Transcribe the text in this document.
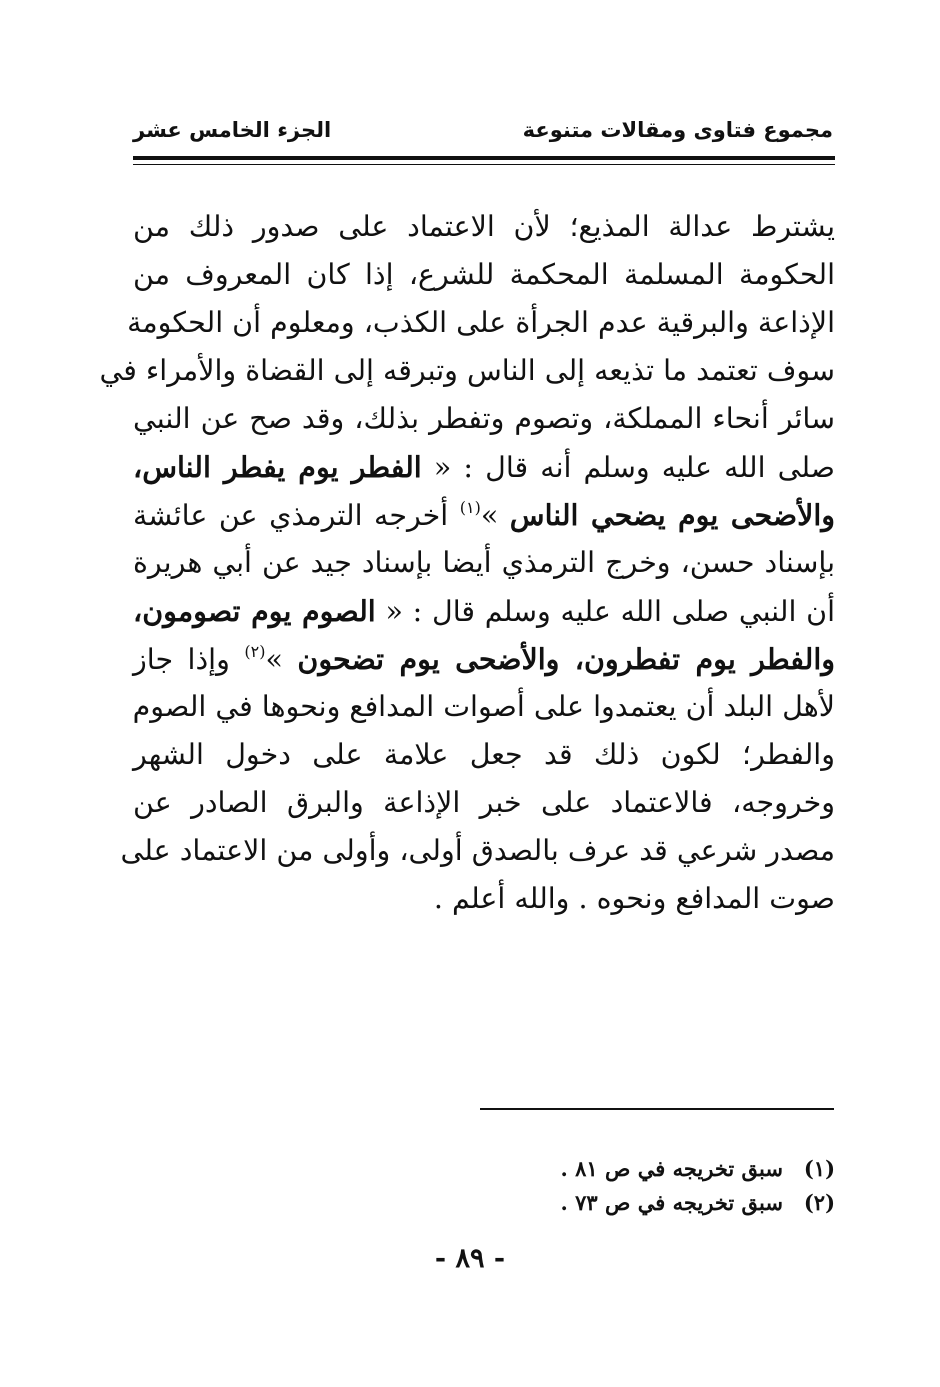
مجموع فتاوى ومقالات متنوعة
الجزء الخامس عشر
يشترط عدالة المذيع؛ لأن الاعتماد على صدور ذلك من
الحكومة المسلمة المحكمة للشرع، إذا كان المعروف من
الإذاعة والبرقية عدم الجرأة على الكذب، ومعلوم أن الحكومة
سوف تعتمد ما تذيعه إلى الناس وتبرقه إلى القضاة والأمراء في
سائر أنحاء المملكة، وتصوم وتفطر بذلك، وقد صح عن النبي
صلى الله عليه وسلم أنه قال : « الفطر يوم يفطر الناس،
والأضحى يوم يضحي الناس »$^{(١)}$ أخرجه الترمذي عن عائشة
بإسناد حسن، وخرج الترمذي أيضا بإسناد جيد عن أبي هريرة
أن النبي صلى الله عليه وسلم قال : « الصوم يوم تصومون،
والفطر يوم تفطرون، والأضحى يوم تضحون »$^{(٢)}$ وإذا جاز
لأهل البلد أن يعتمدوا على أصوات المدافع ونحوها في الصوم
والفطر؛ لكون ذلك قد جعل علامة على دخول الشهر
وخروجه، فالاعتماد على خبر الإذاعة والبرق الصادر عن
مصدر شرعي قد عرف بالصدق أولى، وأولى من الاعتماد على
صوت المدافع ونحوه . والله أعلم .
(١)سبق تخريجه في ص ٨١ .
(٢)سبق تخريجه في ص ٧٣ .
- ٨٩ -
